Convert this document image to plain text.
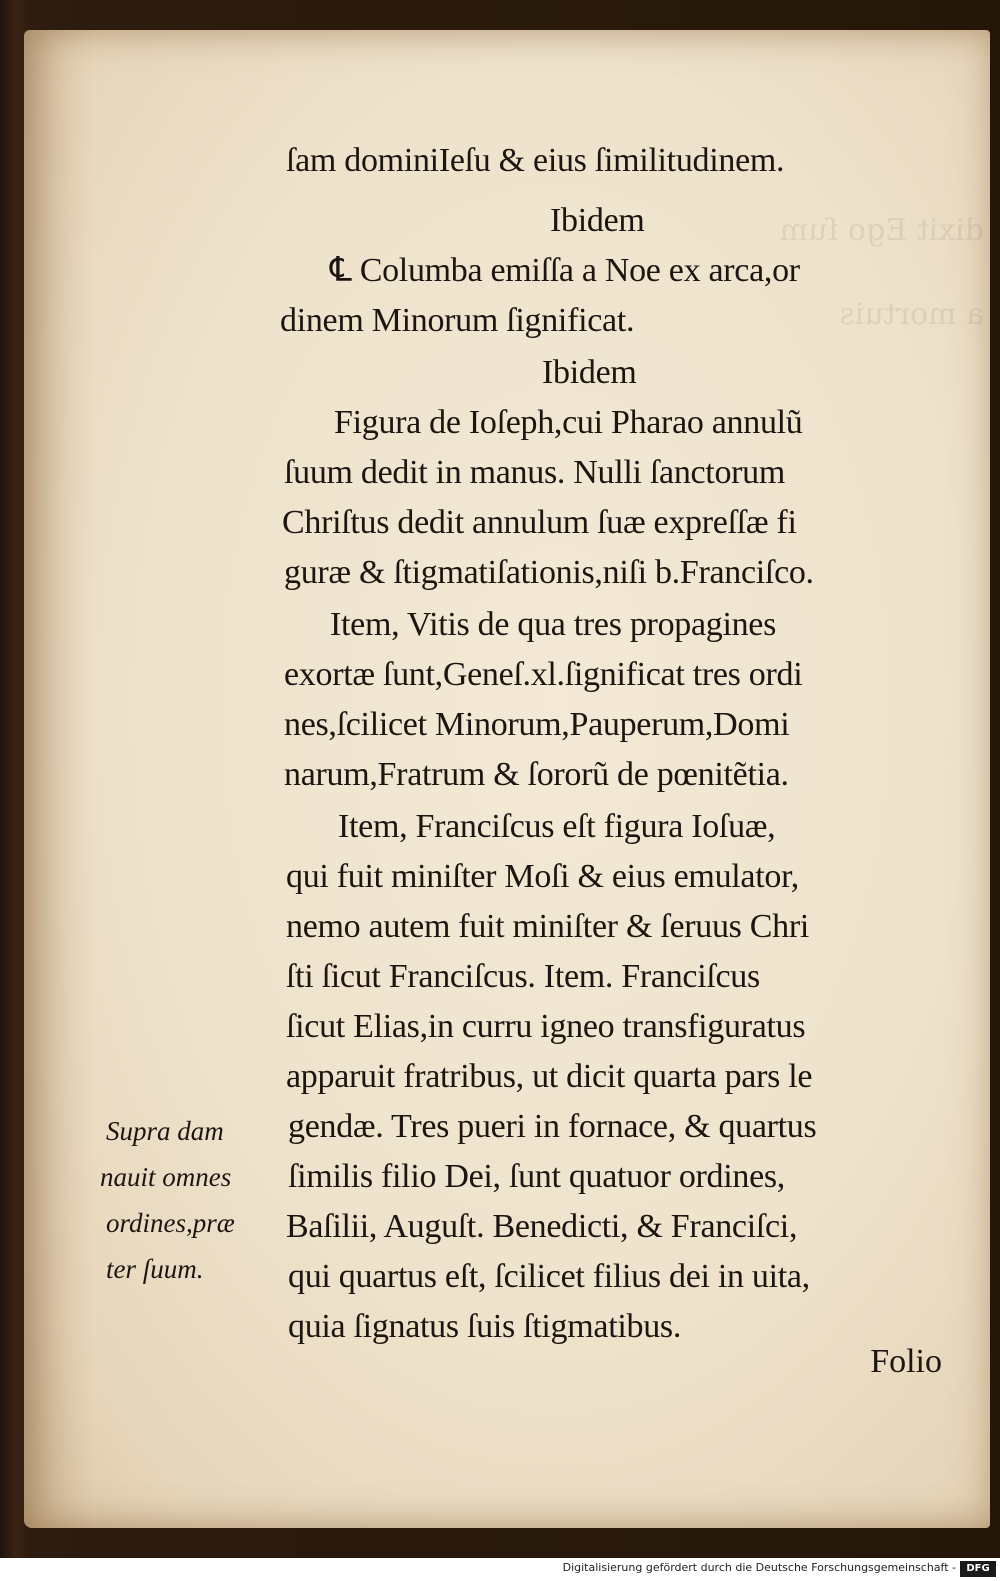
dixit Ego ſum

a mortuis
ſam dominiIeſu & eius ſimilitudinem.
Ibidem
℄ Columba emiſſa a Noe ex arca,or
dinem Minorum ſignificat.
Ibidem
Figura de Ioſeph,cui Pharao annulũ
ſuum dedit in manus. Nulli ſanctorum
Chriſtus dedit annulum ſuæ expreſſæ fi
guræ & ſtigmatiſationis,niſi b.Franciſco.
Item, Vitis de qua tres propagines
exortæ ſunt,Geneſ.xl.ſignificat tres ordi
nes,ſcilicet Minorum,Pauperum,Domi
narum,Fratrum & ſororũ de pœnitẽtia.
Item, Franciſcus eſt figura Ioſuæ,
qui fuit miniſter Moſi & eius emulator,
nemo autem fuit miniſter & ſeruus Chri
ſti ſicut Franciſcus. Item. Franciſcus
ſicut Elias,in curru igneo transfiguratus
apparuit fratribus, ut dicit quarta pars le
gendæ. Tres pueri in fornace, & quartus
ſimilis filio Dei, ſunt quatuor ordines,
Baſilii, Auguſt. Benedicti, & Franciſci,
qui quartus eſt, ſcilicet filius dei in uita,
quia ſignatus ſuis ſtigmatibus.
Supra dam
nauit omnes
ordines,præ
ter ſuum.
Folio
Digitalisierung gefördert durch die Deutsche Forschungsgemeinschaft -	DFG
